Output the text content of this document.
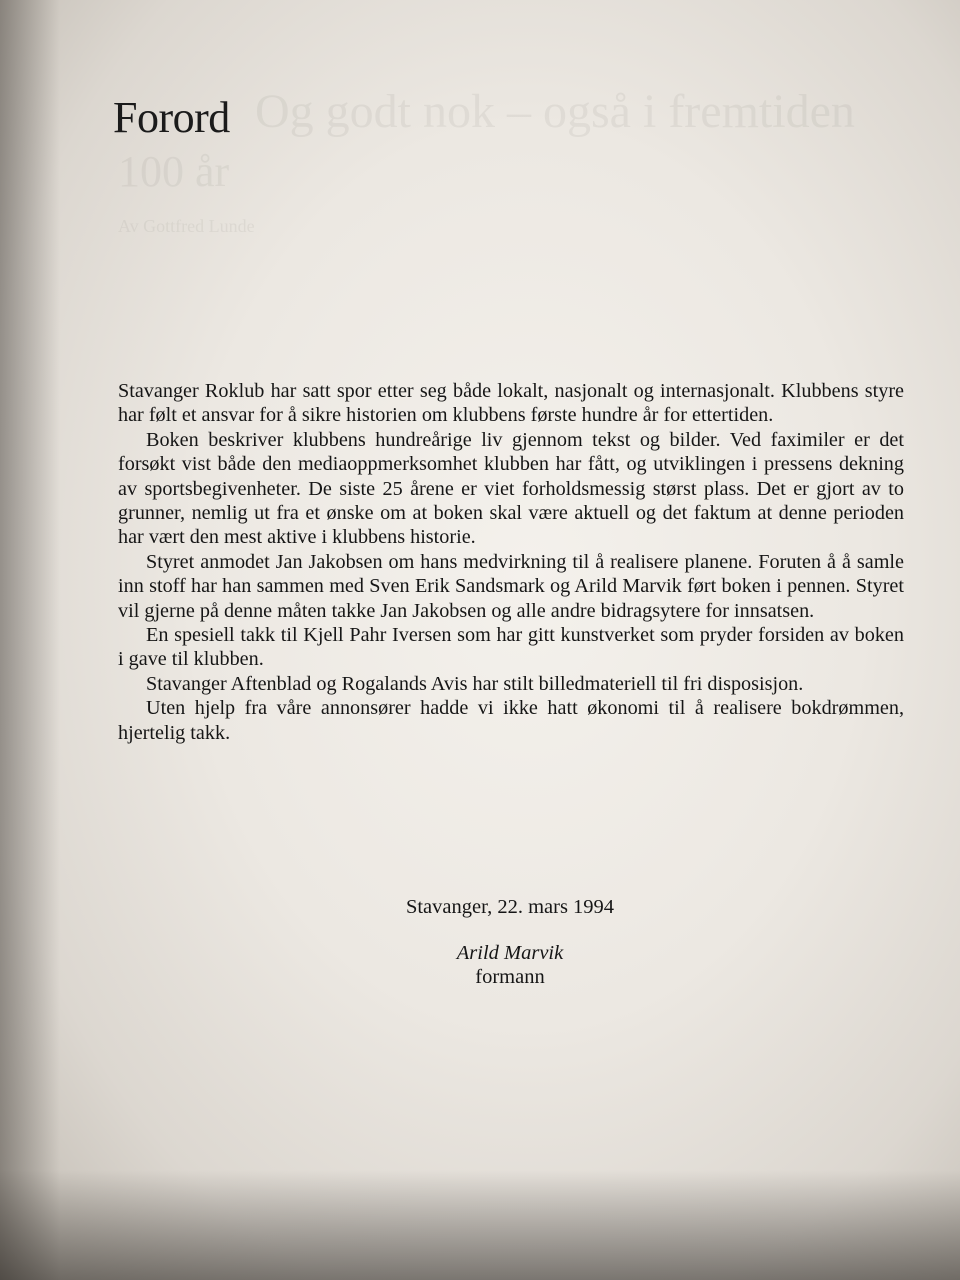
Og godt nok – også i fremtiden
100 år
Av Gottfred Lunde
Forord

Stavanger Roklub har satt spor etter seg både lokalt, nasjonalt og internasjonalt. Klubbens styre har følt et ansvar for å sikre historien om klubbens første hundre år for ettertiden.

Boken beskriver klubbens hundreårige liv gjennom tekst og bilder. Ved faximiler er det forsøkt vist både den mediaoppmerksomhet klubben har fått, og utviklingen i pressens dekning av sportsbegivenheter. De siste 25 årene er viet forholdsmessig størst plass. Det er gjort av to grunner, nemlig ut fra et ønske om at boken skal være aktuell og det faktum at denne perioden har vært den mest aktive i klubbens historie.

Styret anmodet Jan Jakobsen om hans medvirkning til å realisere planene. Foruten å å samle inn stoff har han sammen med Sven Erik Sandsmark og Arild Marvik ført boken i pennen. Styret vil gjerne på denne måten takke Jan Jakobsen og alle andre bidragsytere for innsatsen.

En spesiell takk til Kjell Pahr Iversen som har gitt kunstverket som pryder forsiden av boken i gave til klubben.

Stavanger Aftenblad og Rogalands Avis har stilt billedmateriell til fri disposisjon.

Uten hjelp fra våre annonsører hadde vi ikke hatt økonomi til å realisere bokdrømmen, hjertelig takk.

Stavanger, 22. mars 1994
Arild Marvik
formann
